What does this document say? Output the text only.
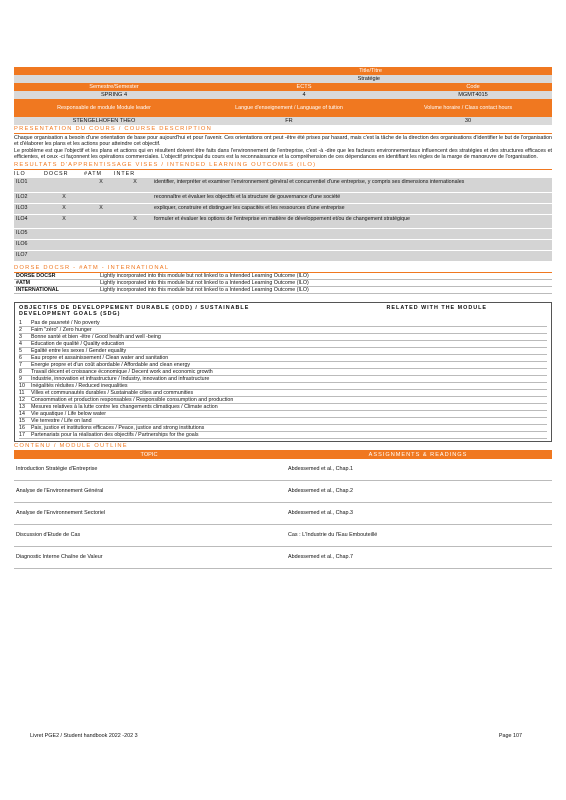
Title/Titre
Stratégie
Semestre/Semester	ECTS	Code
SPRING 4	4	MGMT4015
Responsable de module Module leader	Langue d'enseignement / Language of tuition	Volume horaire / Class contact hours
STENGELHOFEN THEO	FR	30
PRESENTATION DU COURS / COURSE DESCRIPTION
Chaque organisation a besoin d'une orientation de base pour aujourd'hui et pour l'avenir. Ces orientations ont peut -être été prises par hasard, mais c'est la tâche de la direction des organisations d'identifier le but de l'organisation et d'élaborer les plans et les actions pour atteindre cet objectif.
Le problème est que l'objectif et les plans et actions qui en résultent doivent être faits dans l'environnement de l'entreprise, c'est -à -dire que les facteurs environnementaux influencent des stratégies et des structures efficaces et efficientes, et ceux -ci façonnent les opérations commerciales. L'objectif principal du cours est la reconnaissance et la compréhension de ces dépendances en identifiant les règles de la marge de manœuvre de l'organisation.
RESULTATS D'APPRENTISSAGE VISES / INTENDED LEARNING OUTCOMES (ILO)
ILO	DOCSR	#ATM	INTER
ILO1		X	X	identifier, interpréter et examiner l'environnement général et concurrentiel d'une entreprise, y compris ses dimensions internationales
ILO2	X			reconnaître et évaluer les objectifs et la structure de gouvernance d'une société
ILO3	X	X		expliquer, construire et distinguer les capacités et les ressources d'une entreprise
ILO4	X		X	formuler et évaluer les options de l'entreprise en matière de développement et/ou de changement stratégique
ILO5				
ILO6				
ILO7				
DORSE DOCSR - #ATM - INTERNATIONAL
DORSE DOCSR	Lightly incorporated into this module but not linked to a Intended Learning Outcome (ILO)
#ATM	Lightly incorporated into this module but not linked to a Intended Learning Outcome (ILO)
INTERNATIONAL	Lightly incorporated into this module but not linked to a Intended Learning Outcome (ILO)
OBJECTIFS DE DEVELOPPEMENT DURABLE (ODD) / SUSTAINABLE DEVELOPMENT GOALS (SDG)
RELATED WITH THE MODULE
1	Pas de pauvreté / No poverty
2	Faim "zéro" / Zero hunger
3	Bonne santé et bien -être / Good health and well -being
4	Education de qualité / Quality education
5	Egalité entre les sexes / Gender equality
6	Eau propre et assainissement / Clean water and sanitation
7	Energie propre et d'un coût abordable / Affordable and clean energy
8	Travail décent et croissance économique / Decent work and economic growth
9	Industrie, innovation et infrastructure / Industry, innovation and infrastructure
10	Inégalités réduites / Reduced inequalities
11	Villes et communautés durables / Sustainable cities and communities
12	Consommation et production responsables / Responsible consumption and production
13	Mesures relatives à la lutte contre les changements climatiques / Climate action
14	Vie aquatique / Life below water
15	Vie terrestre / Life on land
16	Paix, justice et institutions efficaces / Peace, justice and strong institutions
17	Partenariats pour la réalisation des objectifs / Partnerships for the goals
CONTENU / MODULE OUTLINE
TOPIC	ASSIGNMENTS & READINGS
Introduction Stratégie d'Entreprise	Abdessemed et al., Chap.1
Analyse de l'Environnement Général	Abdessemed et al., Chap.2
Analyse de l'Environnement Sectoriel	Abdessemed et al., Chap.3
Discussion d'Etude de Cas	Cas : L'Industrie du l'Eau Embouteillé
Diagnostic Interne Chaîne de Valeur	Abdessemed et al., Chap.7
Livret PGE2 / Student handbook 2022 -202 3	Page 107
